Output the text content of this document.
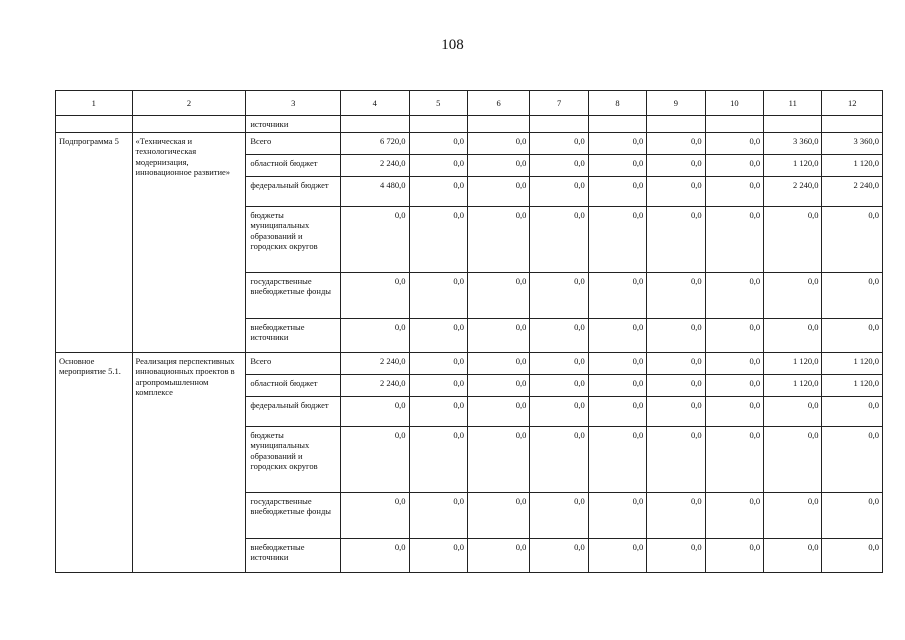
108
1	2	3	4	5	6	7	8	9	10	11	12
		источники									
Подпрограмма 5	«Техническая и технологическая модернизация, инновационное развитие»	Всего	6 720,0	0,0	0,0	0,0	0,0	0,0	0,0	3 360,0	3 360,0
		областной бюджет	2 240,0	0,0	0,0	0,0	0,0	0,0	0,0	1 120,0	1 120,0
		федеральный бюджет	4 480,0	0,0	0,0	0,0	0,0	0,0	0,0	2 240,0	2 240,0
		бюджеты муниципальных образований и городских округов	0,0	0,0	0,0	0,0	0,0	0,0	0,0	0,0	0,0
		государственные внебюджетные фонды	0,0	0,0	0,0	0,0	0,0	0,0	0,0	0,0	0,0
		внебюджетные источники	0,0	0,0	0,0	0,0	0,0	0,0	0,0	0,0	0,0
Основное мероприятие 5.1.	Реализация перспективных инновационных проектов в агропромышленном комплексе	Всего	2 240,0	0,0	0,0	0,0	0,0	0,0	0,0	1 120,0	1 120,0
		областной бюджет	2 240,0	0,0	0,0	0,0	0,0	0,0	0,0	1 120,0	1 120,0
		федеральный бюджет	0,0	0,0	0,0	0,0	0,0	0,0	0,0	0,0	0,0
		бюджеты муниципальных образований и городских округов	0,0	0,0	0,0	0,0	0,0	0,0	0,0	0,0	0,0
		государственные внебюджетные фонды	0,0	0,0	0,0	0,0	0,0	0,0	0,0	0,0	0,0
		внебюджетные источники	0,0	0,0	0,0	0,0	0,0	0,0	0,0	0,0	0,0
